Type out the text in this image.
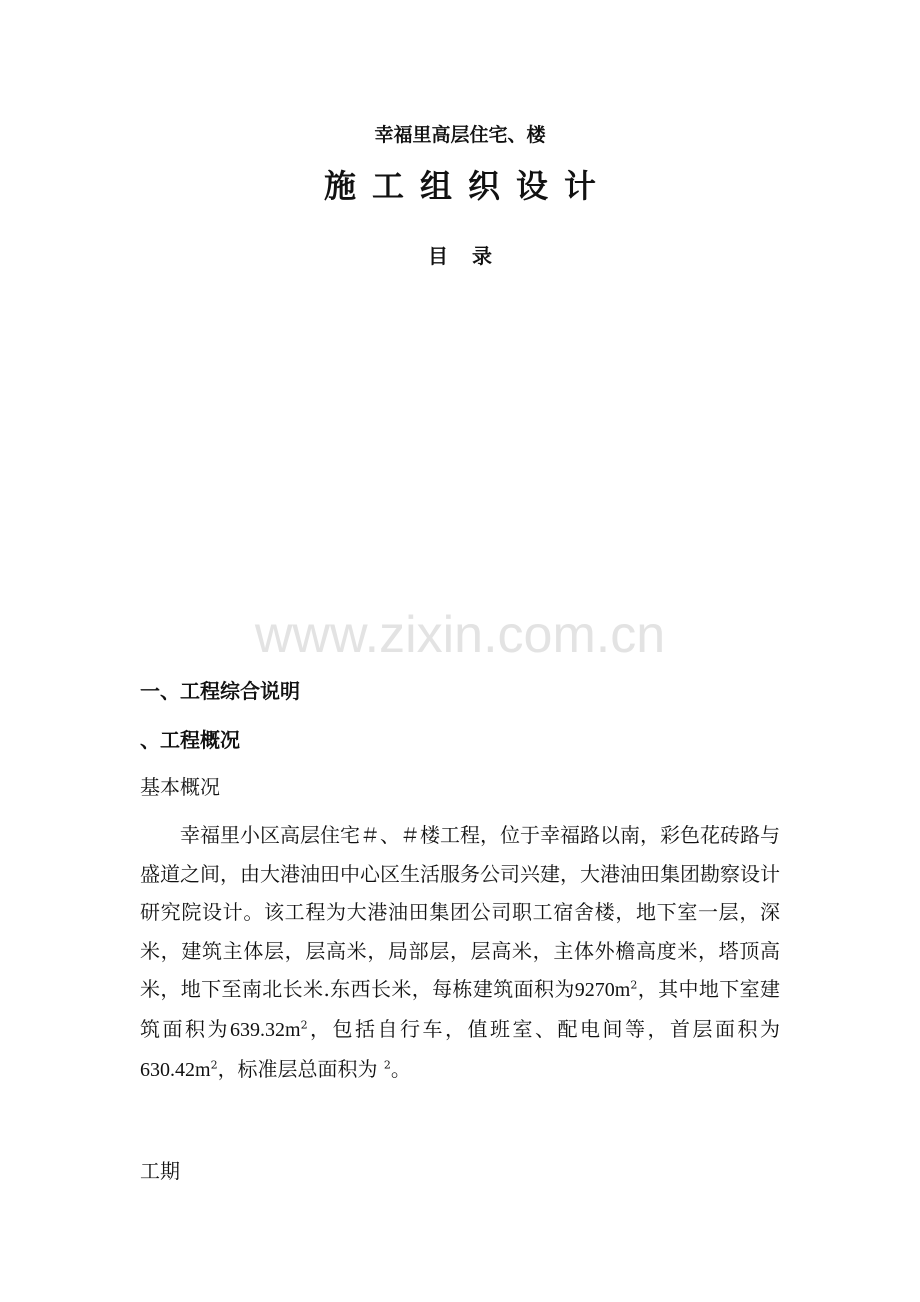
幸福里高层住宅、楼
施工组织设计
目录
www.zixin.com.cn
一、工程综合说明
、工程概况
基本概况
幸福里小区高层住宅＃、＃楼工程，位于幸福路以南，彩色花砖路与盛道之间，由大港油田中心区生活服务公司兴建，大港油田集团勘察设计研究院设计。该工程为大港油田集团公司职工宿舍楼，地下室一层，深米，建筑主体层，层高米，局部层，层高米，主体外檐高度米，塔顶高米，地下至南北长米.东西长米，每栋建筑面积为$9270m^2$，其中地下室建筑面积为$639.32m^2$，包括自行车，值班室、配电间等，首层面积为$630.42m^2$，标准层总面积为 $^2$。
工期
